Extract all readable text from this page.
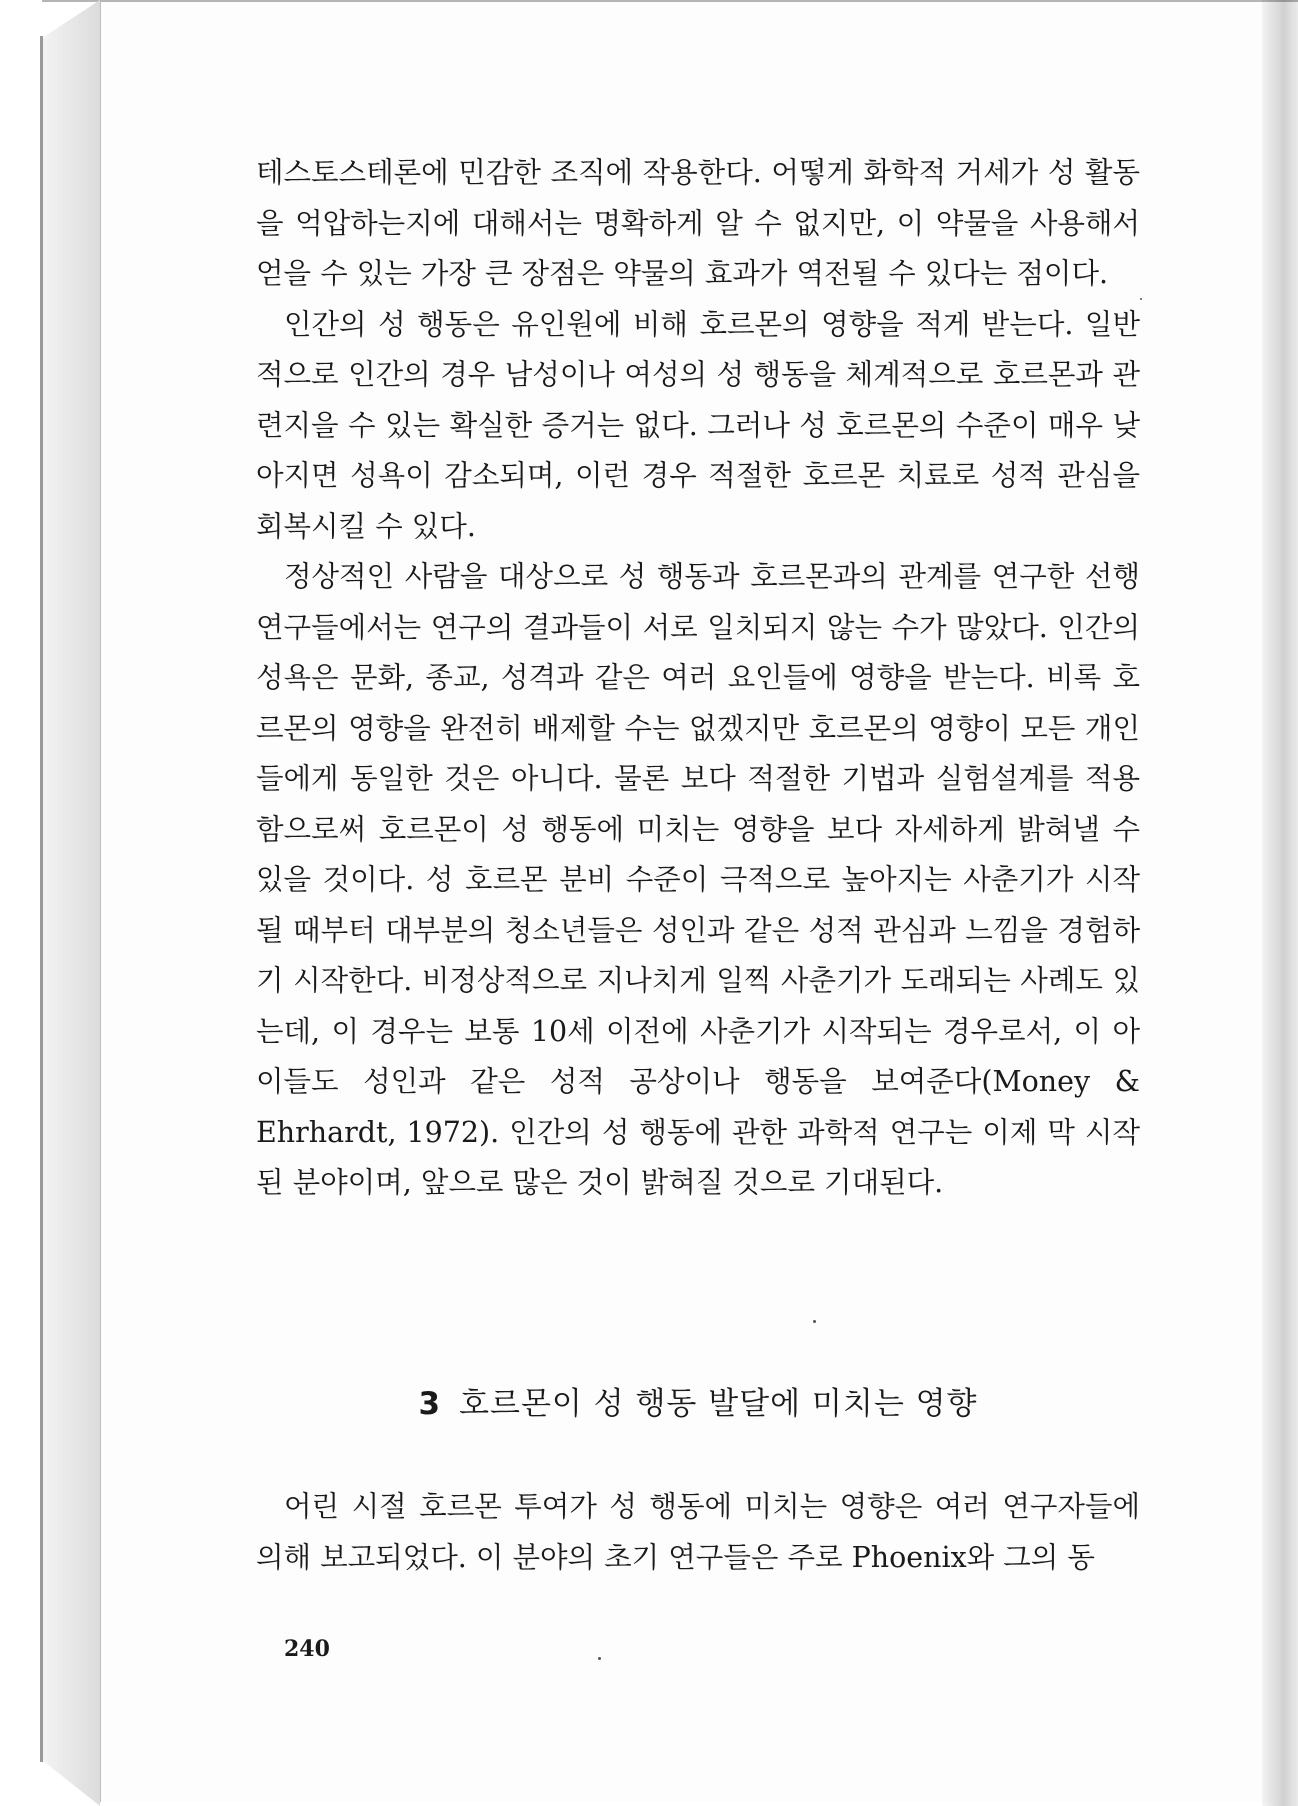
테스토스테론에 민감한 조직에 작용한다. 어떻게 화학적 거세가 성 활동을 억압하는지에 대해서는 명확하게 알 수 없지만, 이 약물을 사용해서 얻을 수 있는 가장 큰 장점은 약물의 효과가 역전될 수 있다는 점이다.

인간의 성 행동은 유인원에 비해 호르몬의 영향을 적게 받는다. 일반적으로 인간의 경우 남성이나 여성의 성 행동을 체계적으로 호르몬과 관련지을 수 있는 확실한 증거는 없다. 그러나 성 호르몬의 수준이 매우 낮아지면 성욕이 감소되며, 이런 경우 적절한 호르몬 치료로 성적 관심을 회복시킬 수 있다.

정상적인 사람을 대상으로 성 행동과 호르몬과의 관계를 연구한 선행 연구들에서는 연구의 결과들이 서로 일치되지 않는 수가 많았다. 인간의 성욕은 문화, 종교, 성격과 같은 여러 요인들에 영향을 받는다. 비록 호르몬의 영향을 완전히 배제할 수는 없겠지만 호르몬의 영향이 모든 개인들에게 동일한 것은 아니다. 물론 보다 적절한 기법과 실험설계를 적용함으로써 호르몬이 성 행동에 미치는 영향을 보다 자세하게 밝혀낼 수 있을 것이다. 성 호르몬 분비 수준이 극적으로 높아지는 사춘기가 시작될 때부터 대부분의 청소년들은 성인과 같은 성적 관심과 느낌을 경험하기 시작한다. 비정상적으로 지나치게 일찍 사춘기가 도래되는 사례도 있는데, 이 경우는 보통 10세 이전에 사춘기가 시작되는 경우로서, 이 아이들도 성인과 같은 성적 공상이나 행동을 보여준다(Money & Ehrhardt, 1972). 인간의 성 행동에 관한 과학적 연구는 이제 막 시작된 분야이며, 앞으로 많은 것이 밝혀질 것으로 기대된다.

3 호르몬이 성 행동 발달에 미치는 영향

어린 시절 호르몬 투여가 성 행동에 미치는 영향은 여러 연구자들에 의해 보고되었다. 이 분야의 초기 연구들은 주로 Phoenix와 그의 동

240
